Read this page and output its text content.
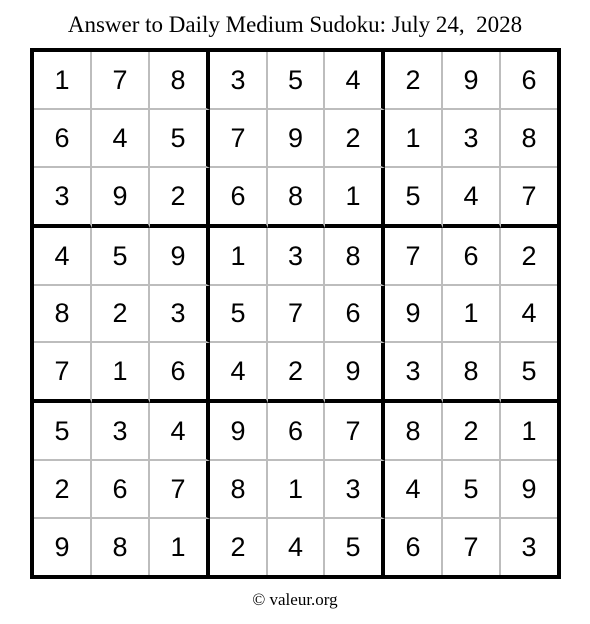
Answer to Daily Medium Sudoku: July 24,  2028
1	7	8	3	5	4	2	9	6
6	4	5	7	9	2	1	3	8
3	9	2	6	8	1	5	4	7
4	5	9	1	3	8	7	6	2
8	2	3	5	7	6	9	1	4
7	1	6	4	2	9	3	8	5
5	3	4	9	6	7	8	2	1
2	6	7	8	1	3	4	5	9
9	8	1	2	4	5	6	7	3
© valeur.org
